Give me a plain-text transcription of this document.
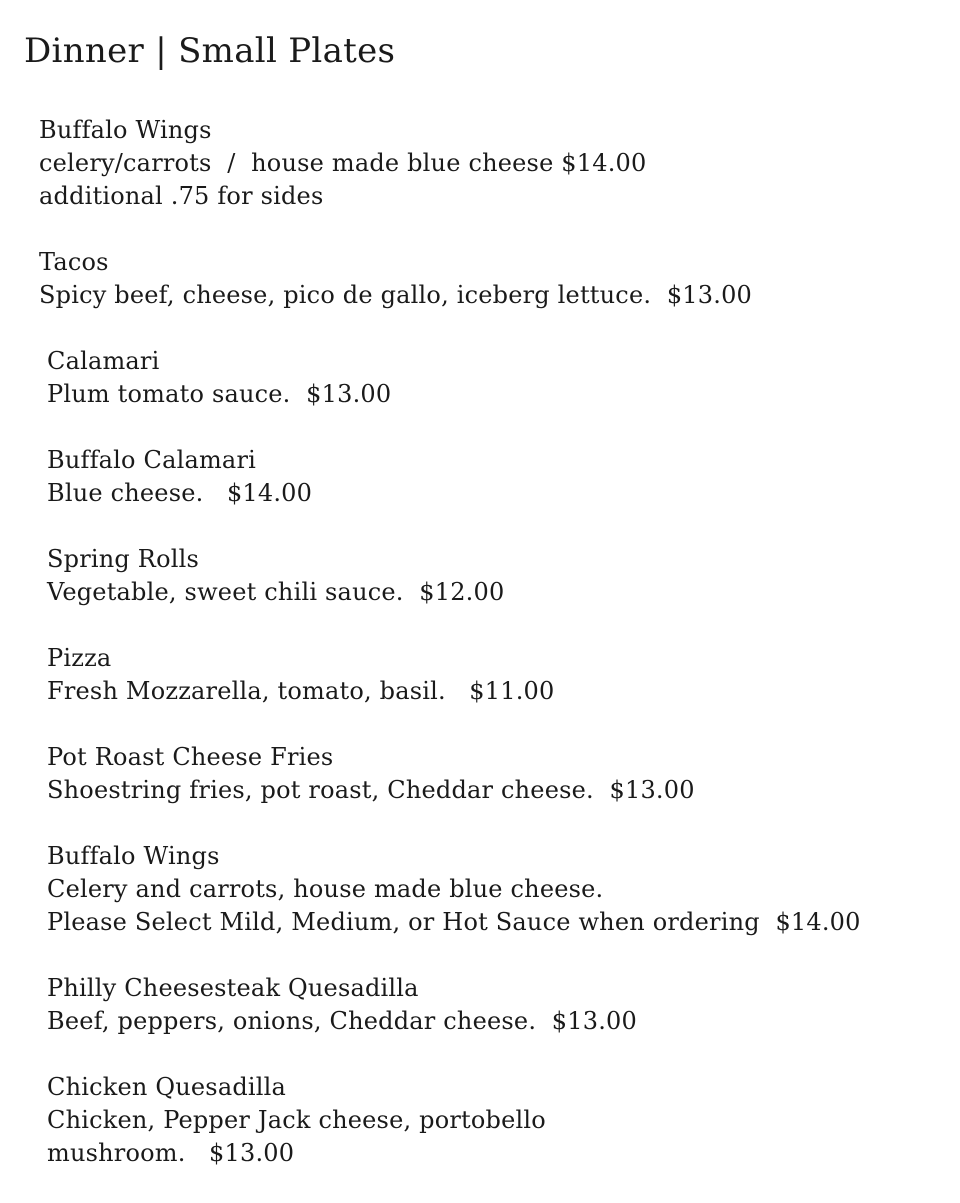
Dinner | Small Plates
Buffalo Wings
celery/carrots  /  house made blue cheese $14.00
additional .75 for sides
Tacos
Spicy beef, cheese, pico de gallo, iceberg lettuce.  $13.00
Calamari
Plum tomato sauce.  $13.00
Buffalo Calamari
Blue cheese.   $14.00
Spring Rolls
Vegetable, sweet chili sauce.  $12.00
Pizza
Fresh Mozzarella, tomato, basil.   $11.00
Pot Roast Cheese Fries
Shoestring fries, pot roast, Cheddar cheese.  $13.00
Buffalo Wings
Celery and carrots, house made blue cheese.
Please Select Mild, Medium, or Hot Sauce when ordering  $14.00
Philly Cheesesteak Quesadilla
Beef, peppers, onions, Cheddar cheese.  $13.00
Chicken Quesadilla
Chicken, Pepper Jack cheese, portobello
mushroom.   $13.00
